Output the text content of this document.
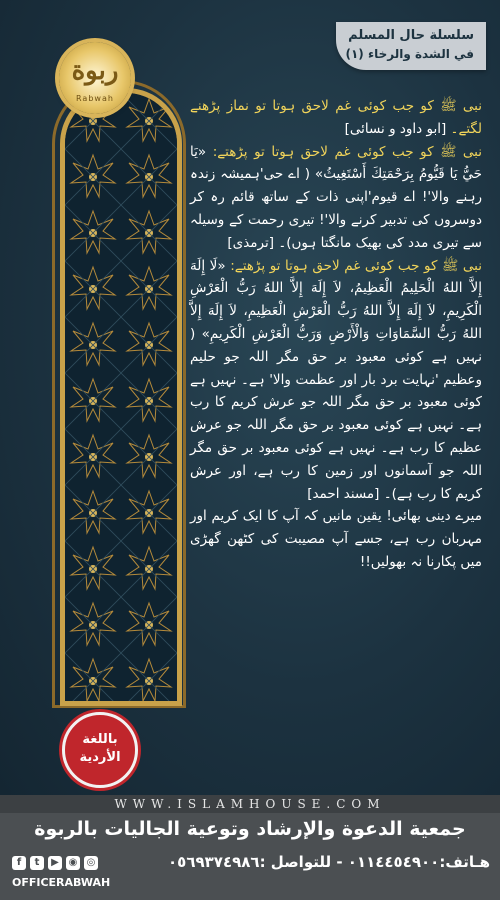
سلسلة حال المسلم
في الشدة والرخاء (١)
ربوة
Rabwah
باللغة
الأردية

نبی ﷺ کو جب کوئی غم لاحق ہوتا تو نماز پڑھنے لگتے۔ [ابو داود و نسائی]

نبی ﷺ کو جب کوئی غم لاحق ہوتا تو پڑھتے: «یَا حَيُّ يَا قَيُّومُ بِرَحْمَتِكَ أَسْتَغِيثُ» ( اے حی'ہمیشہ زندہ رہنے والا'! اے قیوم'اپنی ذات کے ساتھ قائم رہ کر دوسروں کی تدبیر کرنے والا'! تیری رحمت کے وسیلہ سے تیری مدد کی بھیک مانگتا ہوں)۔ [ترمذی]

نبی ﷺ کو جب کوئی غم لاحق ہوتا تو پڑھتے: «لَا إِلَهَ إِلاَّ اللهُ الْحَلِيمُ الْعَظِيمُ، لاَ إِلَهَ إِلاَّ اللهُ رَبُّ الْعَرْشِ الْكَرِيمِ، لاَ إِلَهَ إِلاَّ اللهُ رَبُّ الْعَرْشِ الْعَظِيمِ، لاَ إِلَهَ إِلاَّ اللهُ رَبُّ السَّمَاوَاتِ وَالْأَرْضِ وَرَبُّ الْعَرْشِ الْكَرِيمِ» ( نہیں ہے کوئی معبود بر حق مگر اللہ جو حلیم وعظیم 'نہایت برد بار اور عظمت والا' ہے۔ نہیں ہے کوئی معبود بر حق مگر اللہ جو عرش کریم کا رب ہے۔ نہیں ہے کوئی معبود بر حق مگر اللہ جو عرش عظیم کا رب ہے۔ نہیں ہے کوئی معبود بر حق مگر اللہ جو آسمانوں اور زمین کا رب ہے، اور عرش کریم کا رب ہے)۔ [مسند احمد]

میرے دینی بھائی! یقین مانیں کہ آپ کا ایک کریم اور مہربان رب ہے، جسے آپ مصیبت کی کٹھن گھڑی میں پکارنا نہ بھولیں!!

WWW.ISLAMHOUSE.COM
جمعية الدعوة والإرشاد وتوعية الجاليات بالربوة
هـاتف:٠١١٤٤٥٤٩٠٠ - للتواصل :٠٥٦٩٣٧٤٩٨٦
f	t	▶ ◉ ◎
OFFICERABWAH
